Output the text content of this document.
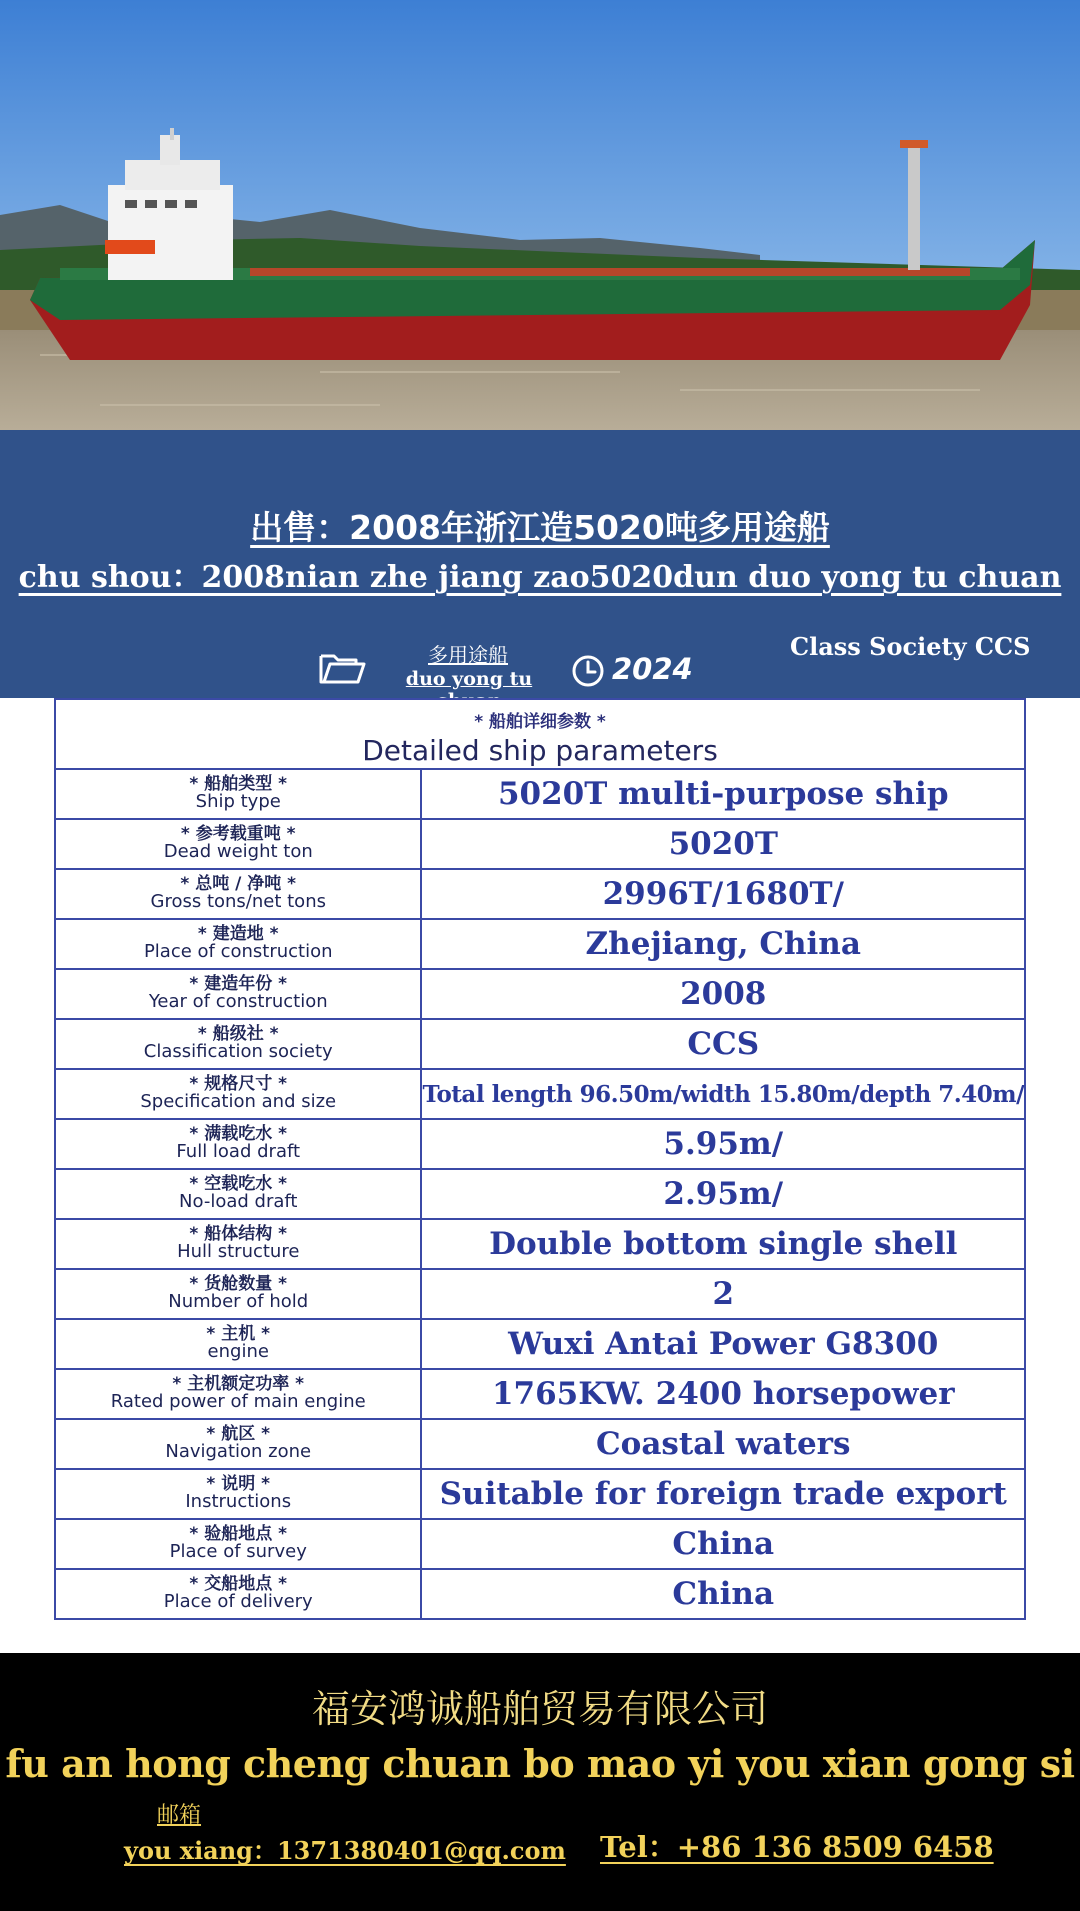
出售：2008年浙江造5020吨多用途船
chu shou：2008nian zhe jiang zao5020dun duo yong tu chuan
多用途船
duo yong tu	2024
Class Society CCS
* 船舶详细参数 *
Detailed ship parameters	

* 船舶类型 *
Ship type	5020T multi-purpose ship

* 参考载重吨 *
Dead weight ton	5020T

* 总吨 / 净吨 *
Gross tons/net tons	2996T/1680T/

* 建造地 *
Place of construction	Zhejiang, China

* 建造年份 *
Year of construction	2008

* 船级社 *
Classification society	CCS

* 规格尺寸 *
Specification and size	Total length 96.50m/width 15.80m/depth 7.40m/

* 满载吃水 *
Full load draft	5.95m/

* 空载吃水 *
No-load draft	2.95m/

* 船体结构 *
Hull structure	Double bottom single shell

* 货舱数量 *
Number of hold	2

* 主机 *
engine	Wuxi Antai Power G8300

* 主机额定功率 *
Rated power of main engine	1765KW. 2400 horsepower

* 航区 *
Navigation zone	Coastal waters

* 说明 *
Instructions	Suitable for foreign trade export

* 验船地点 *
Place of survey	China

* 交船地点 *
Place of delivery	China
福安鸿诚船舶贸易有限公司
fu an hong cheng chuan bo mao yi you xian gong si
邮箱
you xiang：1371380401@qq.com Tel：+86 136 8509 6458
